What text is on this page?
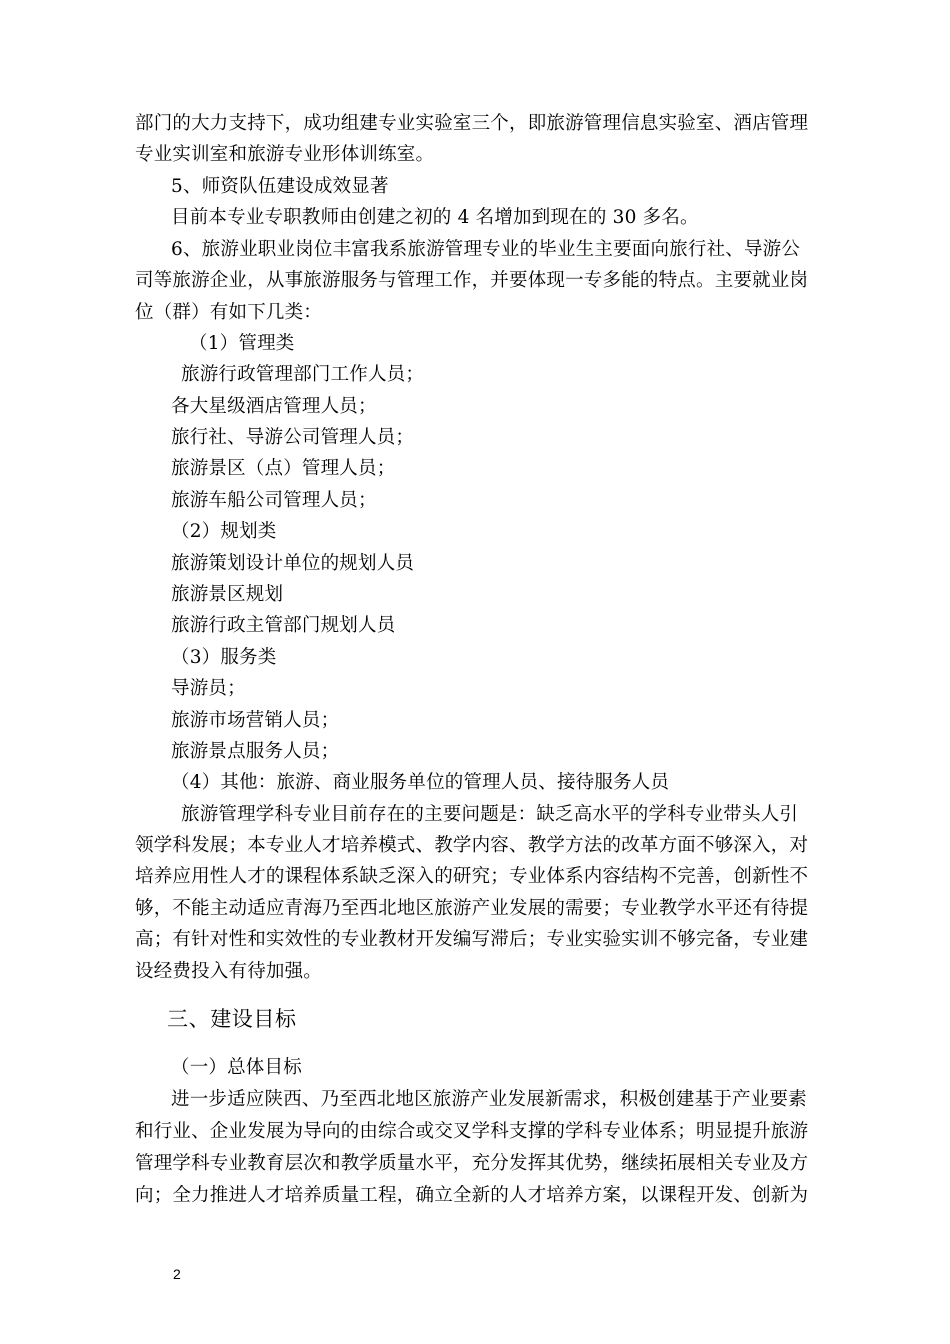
部门的大力支持下，成功组建专业实验室三个，即旅游管理信息实验室、酒店管理
专业实训室和旅游专业形体训练室。
5、师资队伍建设成效显著
目前本专业专职教师由创建之初的 4 名增加到现在的 30 多名。
6、旅游业职业岗位丰富我系旅游管理专业的毕业生主要面向旅行社、导游公
司等旅游企业，从事旅游服务与管理工作，并要体现一专多能的特点。主要就业岗
位（群）有如下几类：
（1）管理类
旅游行政管理部门工作人员；
各大星级酒店管理人员；
旅行社、导游公司管理人员；
旅游景区（点）管理人员；
旅游车船公司管理人员；
（2）规划类
旅游策划设计单位的规划人员
旅游景区规划
旅游行政主管部门规划人员
（3）服务类
导游员；
旅游市场营销人员；
旅游景点服务人员；
（4）其他：旅游、商业服务单位的管理人员、接待服务人员
旅游管理学科专业目前存在的主要问题是：缺乏高水平的学科专业带头人引
领学科发展；本专业人才培养模式、教学内容、教学方法的改革方面不够深入，对
培养应用性人才的课程体系缺乏深入的研究；专业体系内容结构不完善，创新性不
够，不能主动适应青海乃至西北地区旅游产业发展的需要；专业教学水平还有待提
高；有针对性和实效性的专业教材开发编写滞后；专业实验实训不够完备，专业建
设经费投入有待加强。
三、建设目标
（一）总体目标
进一步适应陕西、乃至西北地区旅游产业发展新需求，积极创建基于产业要素
和行业、企业发展为导向的由综合或交叉学科支撑的学科专业体系；明显提升旅游
管理学科专业教育层次和教学质量水平，充分发挥其优势，继续拓展相关专业及方
向；全力推进人才培养质量工程，确立全新的人才培养方案，以课程开发、创新为
2
